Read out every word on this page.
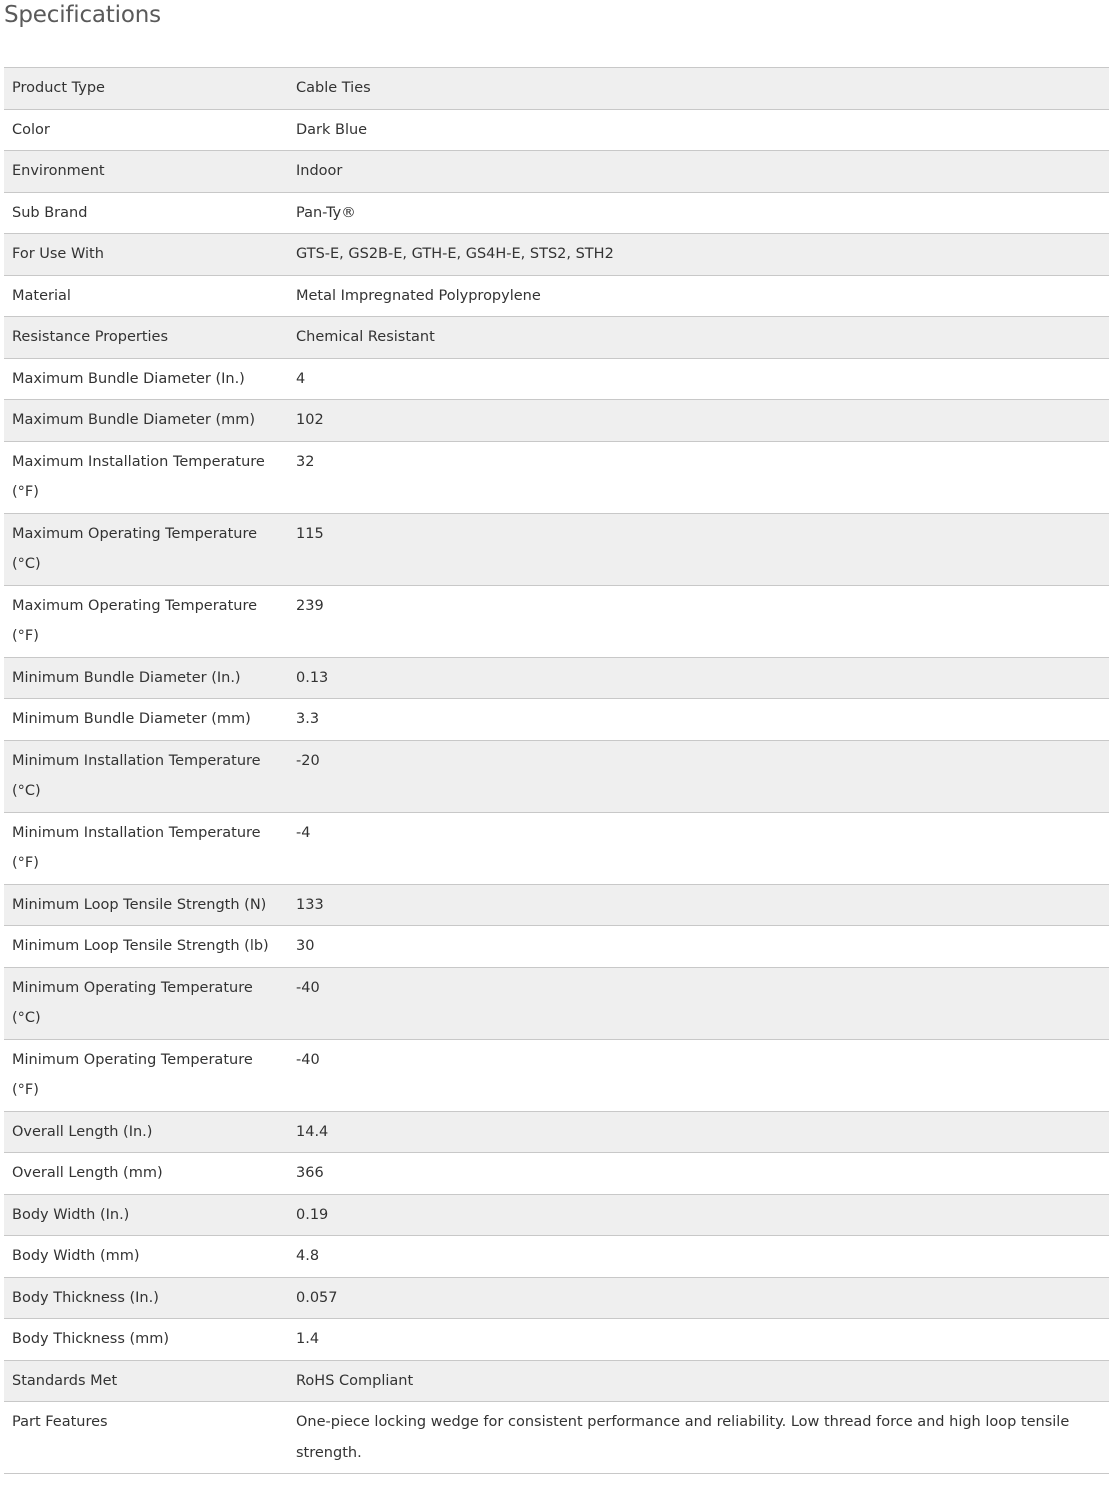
Specifications
Product Type	Cable Ties
Color	Dark Blue
Environment	Indoor
Sub Brand	Pan-Ty®
For Use With	GTS-E, GS2B-E, GTH-E, GS4H-E, STS2, STH2
Material	Metal Impregnated Polypropylene
Resistance Properties	Chemical Resistant
Maximum Bundle Diameter (In.)	4
Maximum Bundle Diameter (mm)	102
Maximum Installation Temperature (°F)	32
Maximum Operating Temperature (°C)	115
Maximum Operating Temperature (°F)	239
Minimum Bundle Diameter (In.)	0.13
Minimum Bundle Diameter (mm)	3.3
Minimum Installation Temperature (°C)	-20
Minimum Installation Temperature (°F)	-4
Minimum Loop Tensile Strength (N)	133
Minimum Loop Tensile Strength (lb)	30
Minimum Operating Temperature (°C)	-40
Minimum Operating Temperature (°F)	-40
Overall Length (In.)	14.4
Overall Length (mm)	366
Body Width (In.)	0.19
Body Width (mm)	4.8
Body Thickness (In.)	0.057
Body Thickness (mm)	1.4
Standards Met	RoHS Compliant
Part Features	One-piece locking wedge for consistent performance and reliability. Low thread force and high loop tensile strength.
